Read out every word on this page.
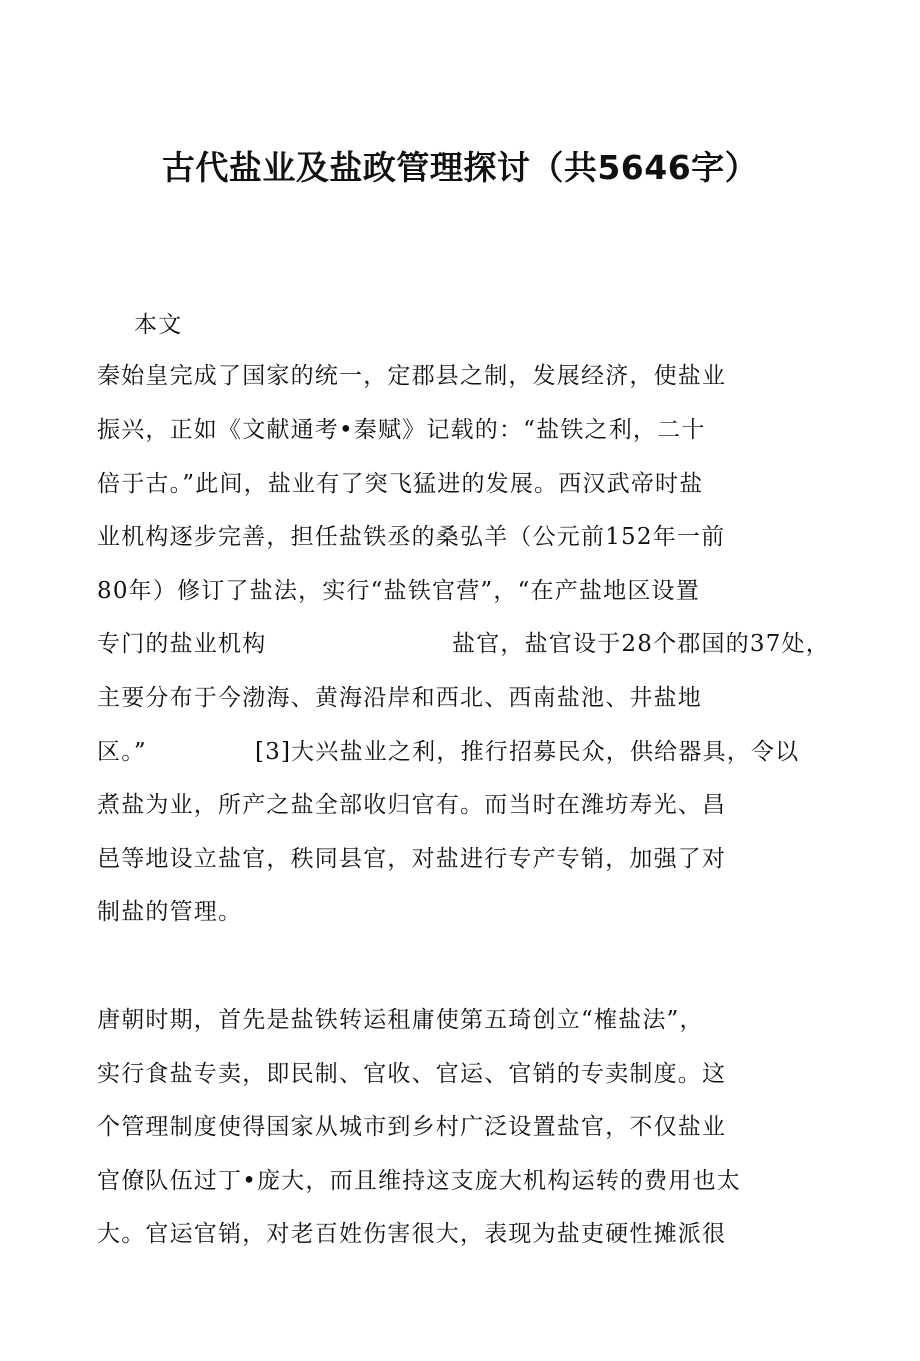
古代盐业及盐政管理探讨（共5646字）
本文
秦始皇完成了国家的统一，定郡县之制，发展经济，使盐业
振兴，正如《文献通考•秦赋》记载的：“盐铁之利，二十
倍于古。”此间，盐业有了突飞猛进的发展。西汉武帝时盐
业机构逐步完善，担任盐铁丞的桑弘羊（公元前152年一前
80年）修订了盐法，实行“盐铁官营”，“在产盐地区设置
专门的盐业机构	盐官，盐官设于28个郡国的37处，
主要分布于今渤海、黄海沿岸和西北、西南盐池、井盐地
区。”	[3]大兴盐业之利，推行招募民众，供给器具，令以
煮盐为业，所产之盐全部收归官有。而当时在潍坊寿光、昌
邑等地设立盐官，秩同县官，对盐进行专产专销，加强了对
制盐的管理。
唐朝时期，首先是盐铁转运租庸使第五琦创立“榷盐法”，
实行食盐专卖，即民制、官收、官运、官销的专卖制度。这
个管理制度使得国家从城市到乡村广泛设置盐官，不仅盐业
官僚队伍过丁•庞大，而且维持这支庞大机构运转的费用也太
大。官运官销，对老百姓伤害很大，表现为盐吏硬性摊派很
